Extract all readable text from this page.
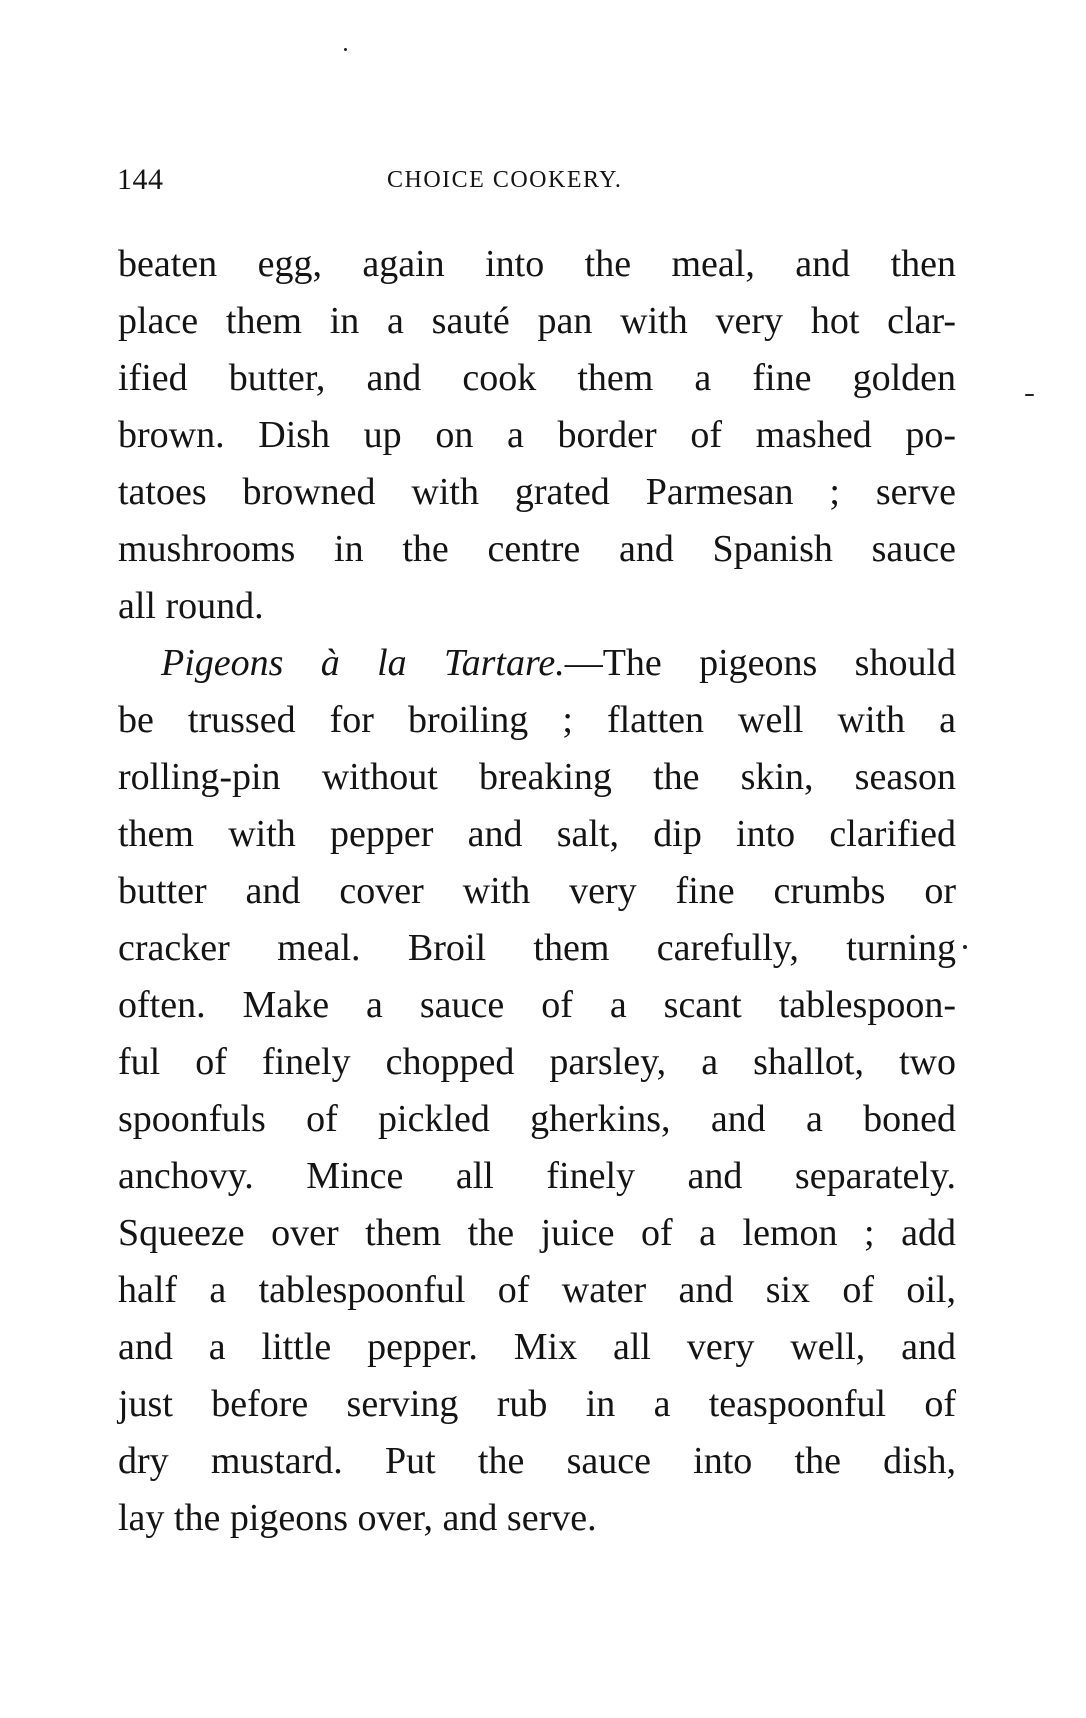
144	CHOICE COOKERY.
beaten egg, again into the meal, and then
place them in a sauté pan with very hot clar-
ified butter, and cook them a fine golden
brown. Dish up on a border of mashed po-
tatoes browned with grated Parmesan ; serve
mushrooms in the centre and Spanish sauce
all round.
Pigeons à la Tartare.—The pigeons should
be trussed for broiling ; flatten well with a
rolling-pin without breaking the skin, season
them with pepper and salt, dip into clarified
butter and cover with very fine crumbs or
cracker meal. Broil them carefully, turning
often. Make a sauce of a scant tablespoon-
ful of finely chopped parsley, a shallot, two
spoonfuls of pickled gherkins, and a boned
anchovy. Mince all finely and separately.
Squeeze over them the juice of a lemon ; add
half a tablespoonful of water and six of oil,
and a little pepper. Mix all very well, and
just before serving rub in a teaspoonful of
dry mustard. Put the sauce into the dish,
lay the pigeons over, and serve.
